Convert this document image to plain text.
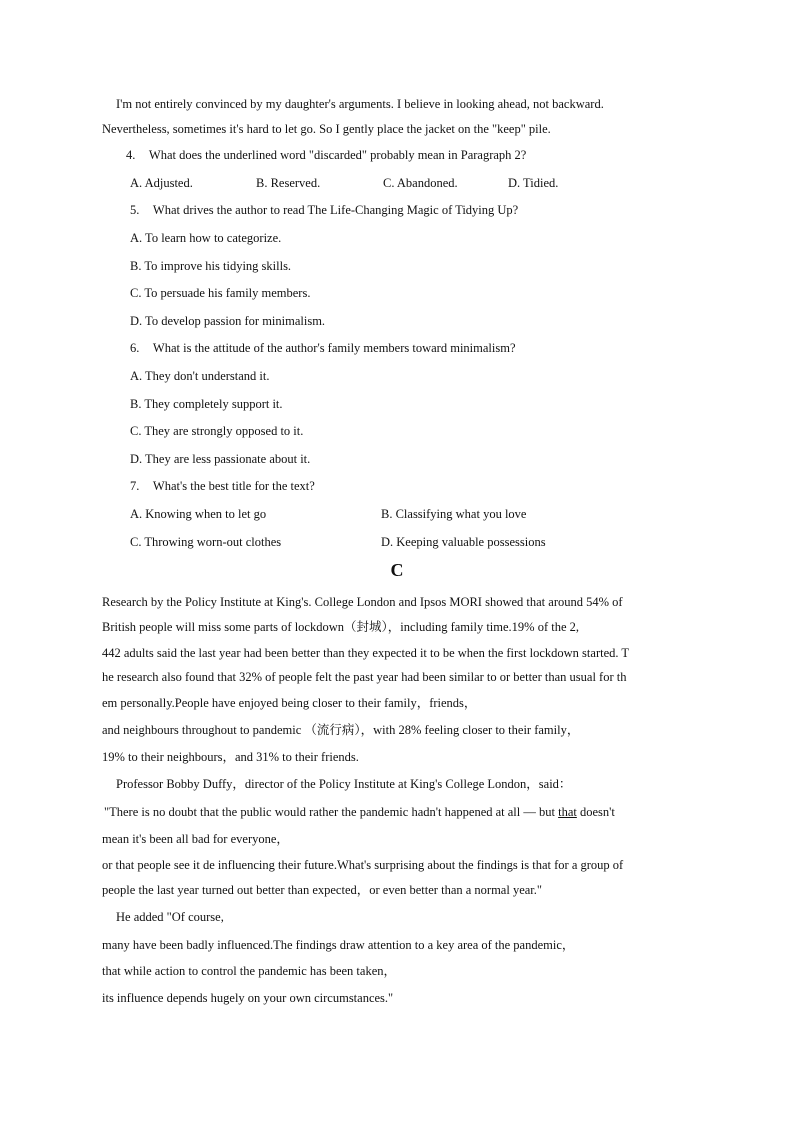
I'm not entirely convinced by my daughter's arguments. I believe in looking ahead, not backward.
Nevertheless, sometimes it's hard to let go. So I gently place the jacket on the "keep" pile.
4. What does the underlined word "discarded" probably mean in Paragraph 2?
A. Adjusted.	B. Reserved.	C. Abandoned.	D. Tidied.
5. What drives the author to read The Life-Changing Magic of Tidying Up?
A. To learn how to categorize.
B. To improve his tidying skills.
C. To persuade his family members.
D. To develop passion for minimalism.
6. What is the attitude of the author's family members toward minimalism?
A. They don't understand it.
B. They completely support it.
C. They are strongly opposed to it.
D. They are less passionate about it.
7. What's the best title for the text?
A. Knowing when to let go	B. Classifying what you love
C. Throwing worn-out clothes	D. Keeping valuable possessions
C
Research by the Policy Institute at King's. College London and Ipsos MORI showed that around 54% of
British people will miss some parts of lockdown（封城），including family time.19% of the 2,
442 adults said the last year had been better than they expected it to be when the first lockdown started. T
he research also found that 32% of people felt the past year had been similar to or better than usual for th
em personally.People have enjoyed being closer to their family，friends，
and neighbours throughout to pandemic （流行病），with 28% feeling closer to their family，
19% to their neighbours，and 31% to their friends.
Professor Bobby Duffy，director of the Policy Institute at King's College London，said：
"There is no doubt that the public would rather the pandemic hadn't happened at all — but that doesn't
mean it's been all bad for everyone，
or that people see it de influencing their future.What's surprising about the findings is that for a group of
people the last year turned out better than expected，or even better than a normal year."
He added "Of course,
many have been badly influenced.The findings draw attention to a key area of the pandemic，
that while action to control the pandemic has been taken，
its influence depends hugely on your own circumstances."
